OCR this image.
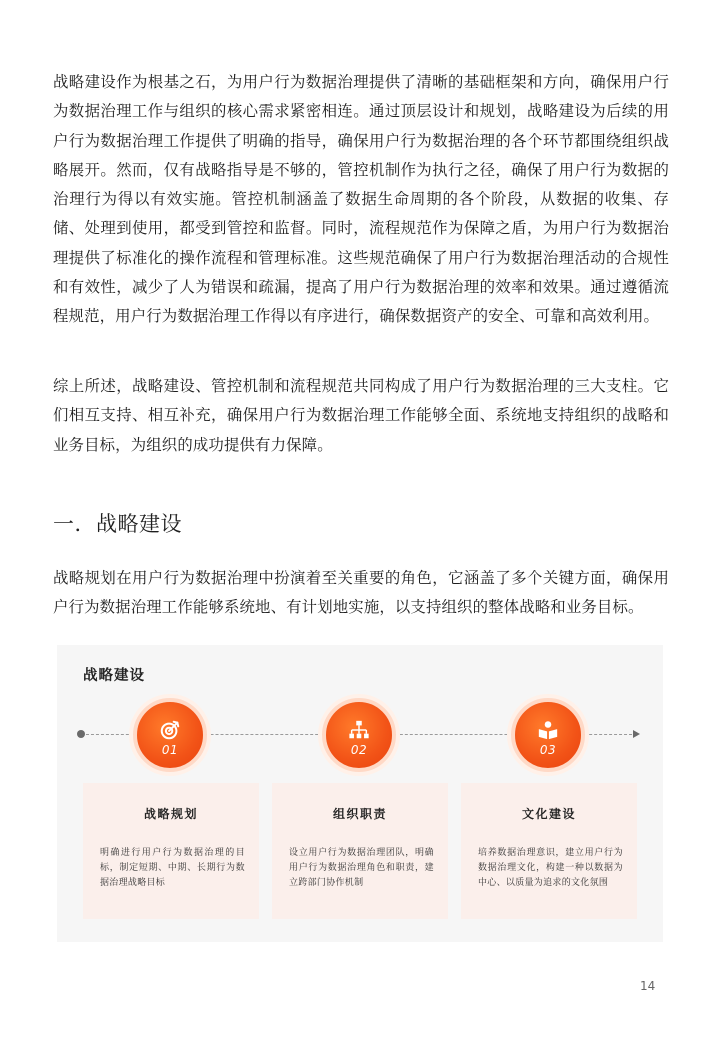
战略建设作为根基之石，为用户行为数据治理提供了清晰的基础框架和方向，确保用户行为数据治理工作与组织的核心需求紧密相连。通过顶层设计和规划，战略建设为后续的用户行为数据治理工作提供了明确的指导，确保用户行为数据治理的各个环节都围绕组织战略展开。然而，仅有战略指导是不够的，管控机制作为执行之径，确保了用户行为数据的治理行为得以有效实施。管控机制涵盖了数据生命周期的各个阶段，从数据的收集、存储、处理到使用，都受到管控和监督。同时，流程规范作为保障之盾，为用户行为数据治理提供了标准化的操作流程和管理标准。这些规范确保了用户行为数据治理活动的合规性和有效性，减少了人为错误和疏漏，提高了用户行为数据治理的效率和效果。通过遵循流程规范，用户行为数据治理工作得以有序进行，确保数据资产的安全、可靠和高效利用。
综上所述，战略建设、管控机制和流程规范共同构成了用户行为数据治理的三大支柱。它们相互支持、相互补充，确保用户行为数据治理工作能够全面、系统地支持组织的战略和业务目标，为组织的成功提供有力保障。
一．战略建设
战略规划在用户行为数据治理中扮演着至关重要的角色，它涵盖了多个关键方面，确保用户行为数据治理工作能够系统地、有计划地实施，以支持组织的整体战略和业务目标。
战略建设
01	02	03
战略规划
明确进行用户行为数据治理的目标，制定短期、中期、长期行为数据治理战略目标
组织职责
设立用户行为数据治理团队，明确用户行为数据治理角色和职责，建立跨部门协作机制
文化建设
培养数据治理意识，建立用户行为数据治理文化，构建一种以数据为中心、以质量为追求的文化氛围
14
